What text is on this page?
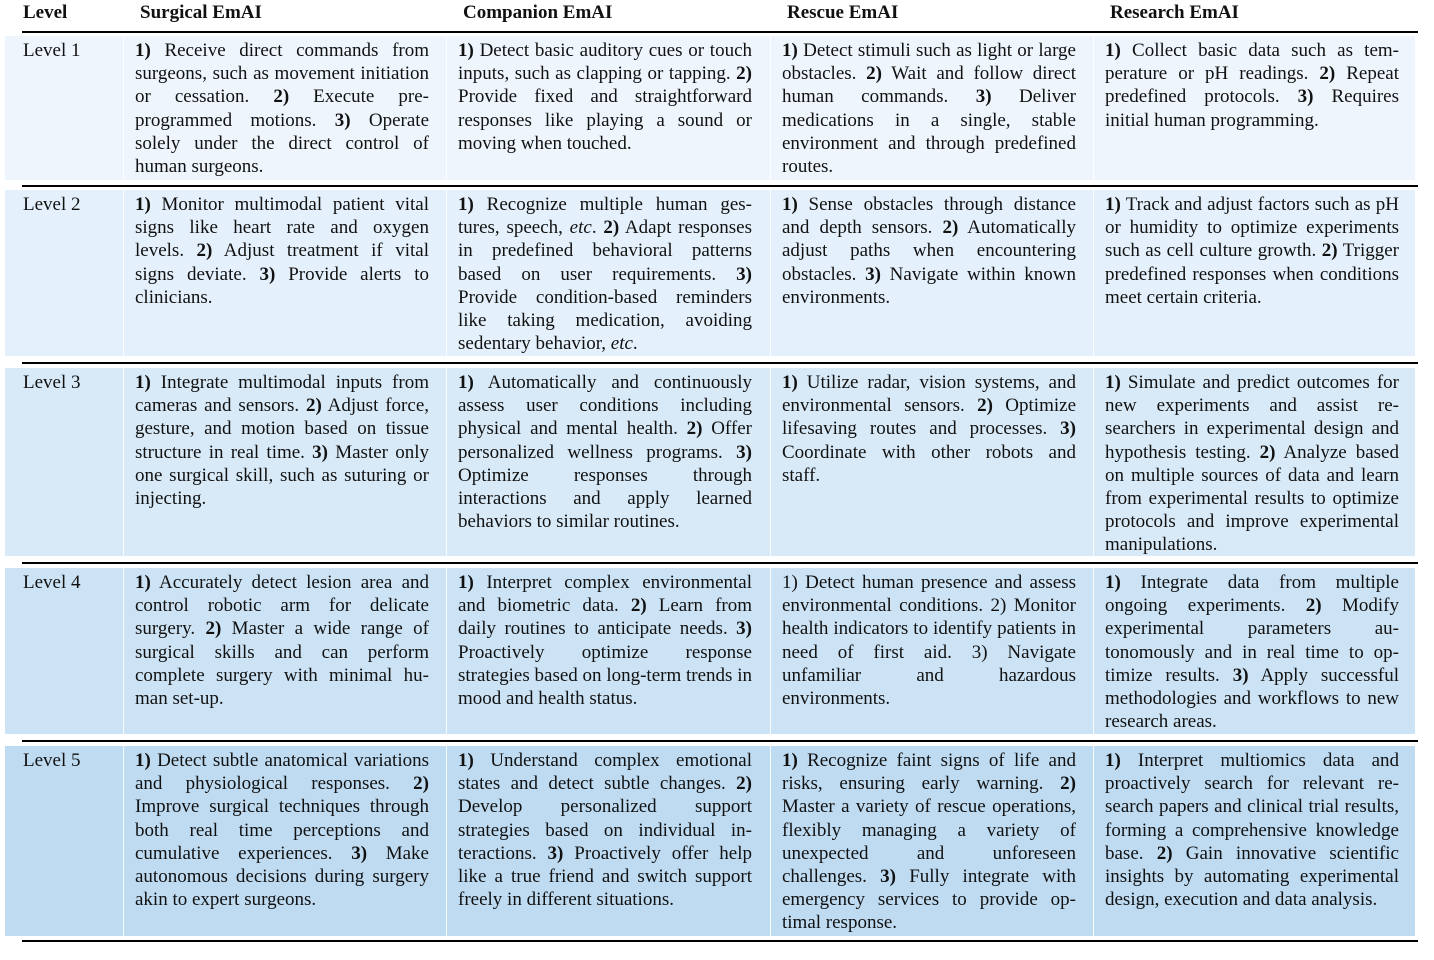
Level	Surgical EmAI	Companion EmAI	Rescue EmAI	Research EmAI
Level 1	1) Receive direct commands from surgeons, such as movement initiation or cessation. 2) Execute preprogrammed motions. 3) Operate solely under the direct control of human surgeons.
1) Detect basic auditory cues or touch inputs, such as clapping or tapping. 2) Provide fixed and straightforward responses like playing a sound or moving when touched.
1) Detect stimuli such as light or large obstacles. 2) Wait and follow direct human commands. 3) Deliver medications in a single, stable environment and through predefined routes.
1) Collect basic data such as temperature or pH readings. 2) Repeat predefined protocols. 3) Requires initial human programming.
Level 2	1) Monitor multimodal patient vital signs like heart rate and oxygen levels. 2) Adjust treatment if vital signs deviate. 3) Provide alerts to clinicians.
1) Recognize multiple human gestures, speech, etc. 2) Adapt responses in predefined behavioral patterns based on user requirements. 3) Provide condition-based reminders like taking medication, avoiding sedentary behavior, etc.
1) Sense obstacles through distance and depth sensors. 2) Automatically adjust paths when encountering obstacles. 3) Navigate within known environments.
1) Track and adjust factors such as pH or humidity to optimize experiments such as cell culture growth. 2) Trigger predefined responses when conditions meet certain criteria.
Level 3	1) Integrate multimodal inputs from cameras and sensors. 2) Adjust force, gesture, and motion based on tissue structure in real time. 3) Master only one surgical skill, such as suturing or injecting.
1) Automatically and continuously assess user conditions including physical and mental health. 2) Offer personalized wellness programs. 3) Optimize responses through interactions and apply learned behaviors to similar routines.
1) Utilize radar, vision systems, and environmental sensors. 2) Optimize lifesaving routes and processes. 3) Coordinate with other robots and staff.
1) Simulate and predict outcomes for new experiments and assist researchers in experimental design and hypothesis testing. 2) Analyze based on multiple sources of data and learn from experimental results to optimize protocols and improve experimental manipulations.
Level 4	1) Accurately detect lesion area and control robotic arm for delicate surgery. 2) Master a wide range of surgical skills and can perform complete surgery with minimal human set-up.
1) Interpret complex environmental and biometric data. 2) Learn from daily routines to anticipate needs. 3) Proactively optimize response strategies based on long-term trends in mood and health status.
1) Detect human presence and assess environmental conditions. 2) Monitor health indicators to identify patients in need of first aid. 3) Navigate unfamiliar and hazardous environments.
1) Integrate data from multiple ongoing experiments. 2) Modify experimental parameters autonomously and in real time to optimize results. 3) Apply successful methodologies and workflows to new research areas.
Level 5	1) Detect subtle anatomical variations and physiological responses. 2) Improve surgical techniques through both real time perceptions and cumulative experiences. 3) Make autonomous decisions during surgery akin to expert surgeons.
1) Understand complex emotional states and detect subtle changes. 2) Develop personalized support strategies based on individual interactions. 3) Proactively offer help like a true friend and switch support freely in different situations.
1) Recognize faint signs of life and risks, ensuring early warning. 2) Master a variety of rescue operations, flexibly managing a variety of unexpected and unforeseen challenges. 3) Fully integrate with emergency services to provide optimal response.
1) Interpret multiomics data and proactively search for relevant research papers and clinical trial results, forming a comprehensive knowledge base. 2) Gain innovative scientific insights by automating experimental design, execution and data analysis.
